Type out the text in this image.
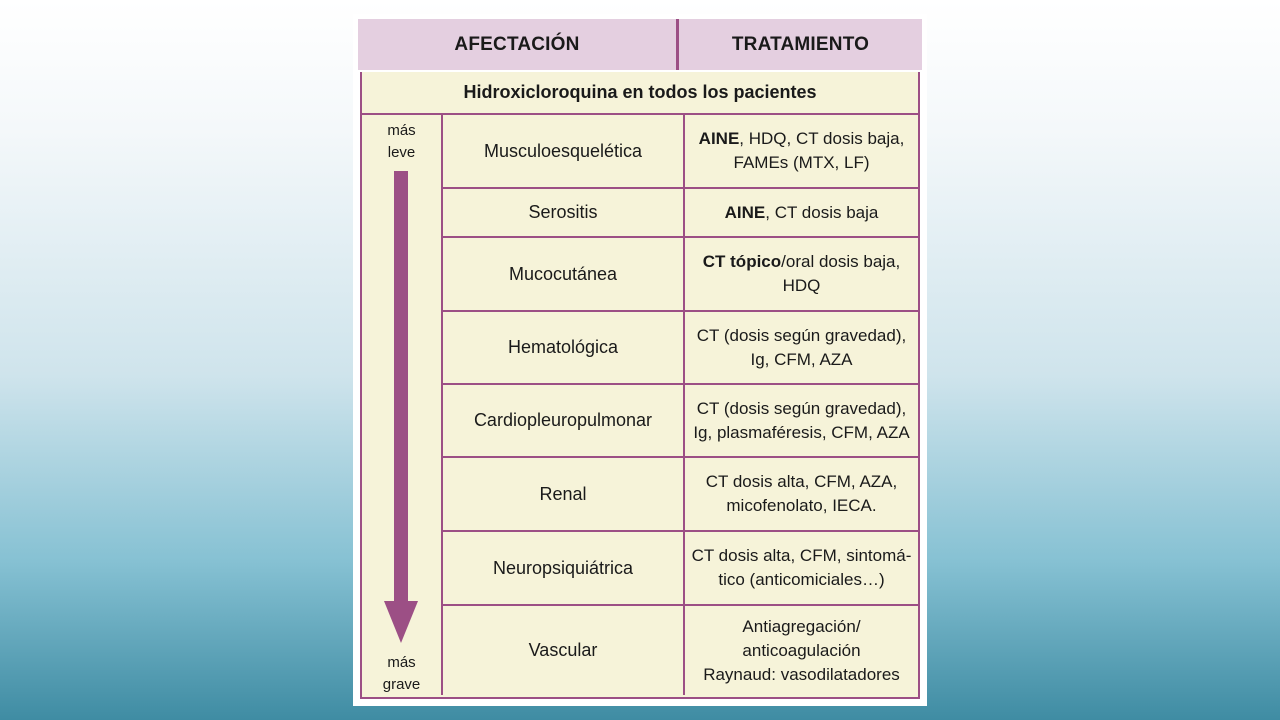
AFECTACIÓN	TRATAMIENTO
Hidroxicloroquina en todos los pacientes
más leve
más grave
Musculoesquelética
AINE, HDQ, CT dosis baja,
FAMEs (MTX, LF)
Serositis	AINE, CT dosis baja
Mucocutánea
CT tópico/oral dosis baja,
HDQ
Hematológica
CT (dosis según gravedad),
Ig, CFM, AZA
Cardiopleuropulmonar
CT (dosis según gravedad),
Ig, plasmaféresis, CFM, AZA
Renal
CT dosis alta, CFM, AZA,
micofenolato, IECA.
Neuropsiquiátrica
CT dosis alta, CFM, sintomá-
tico (anticomiciales…)
Vascular
Antiagregación/
anticoagulación
Raynaud: vasodilatadores
